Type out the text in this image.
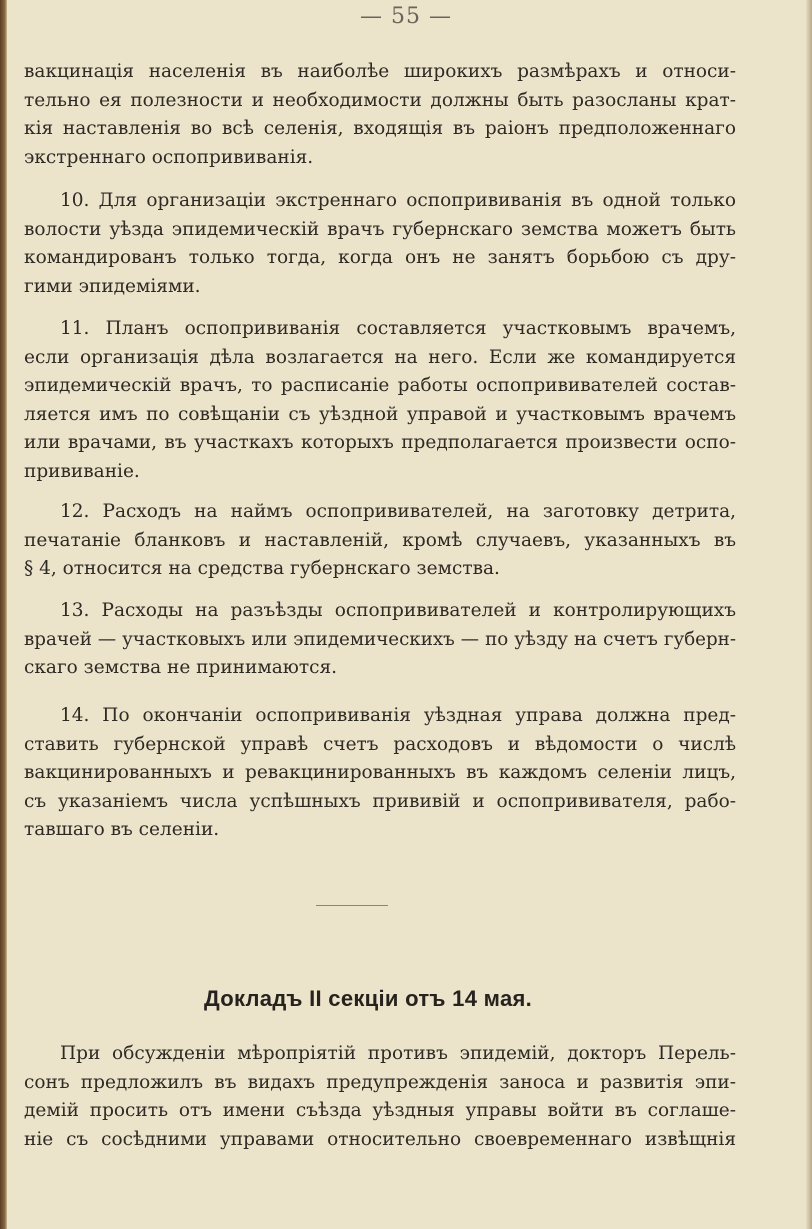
— 55 —
вакцинація населенія въ наиболѣе широкихъ размѣрахъ и относи-
тельно ея полезности и необходимости должны быть разосланы крат-
кія наставленія во всѣ селенія, входящія въ раіонъ предположеннаго
экстреннаго оспопрививанія.
10. Для организаціи экстреннаго оспопрививанія въ одной только
волости уѣзда эпидемическій врачъ губернскаго земства можетъ быть
командированъ только тогда, когда онъ не занятъ борьбою съ дру-
гими эпидеміями.
11. Планъ оспопрививанія составляется участковымъ врачемъ,
если организація дѣла возлагается на него. Если же командируется
эпидемическій врачъ, то расписаніе работы оспопрививателей состав-
ляется имъ по совѣщаніи съ уѣздной управой и участковымъ врачемъ
или врачами, въ участкахъ которыхъ предполагается произвести оспо-
прививаніе.
12. Расходъ на наймъ оспопрививателей, на заготовку детрита,
печатаніе бланковъ и наставленій, кромѣ случаевъ, указанныхъ въ
§ 4, относится на средства губернскаго земства.
13. Расходы на разъѣзды оспопрививателей и контролирующихъ
врачей — участковыхъ или эпидемическихъ — по уѣзду на счетъ губерн-
скаго земства не принимаются.
14. По окончаніи оспопрививанія уѣздная управа должна пред-
ставить губернской управѣ счетъ расходовъ и вѣдомости о числѣ
вакцинированныхъ и ревакцинированныхъ въ каждомъ селеніи лицъ,
съ указаніемъ числа успѣшныхъ прививій и оспопрививателя, рабо-
тавшаго въ селеніи.
Докладъ II секціи отъ 14 мая.
При обсужденіи мѣропріятій противъ эпидемій, докторъ Перель-
сонъ предложилъ въ видахъ предупрежденія заноса и развитія эпи-
демій просить отъ имени съѣзда уѣздныя управы войти въ соглаше-
ніе съ сосѣдними управами относительно своевременнаго извѣщнія
